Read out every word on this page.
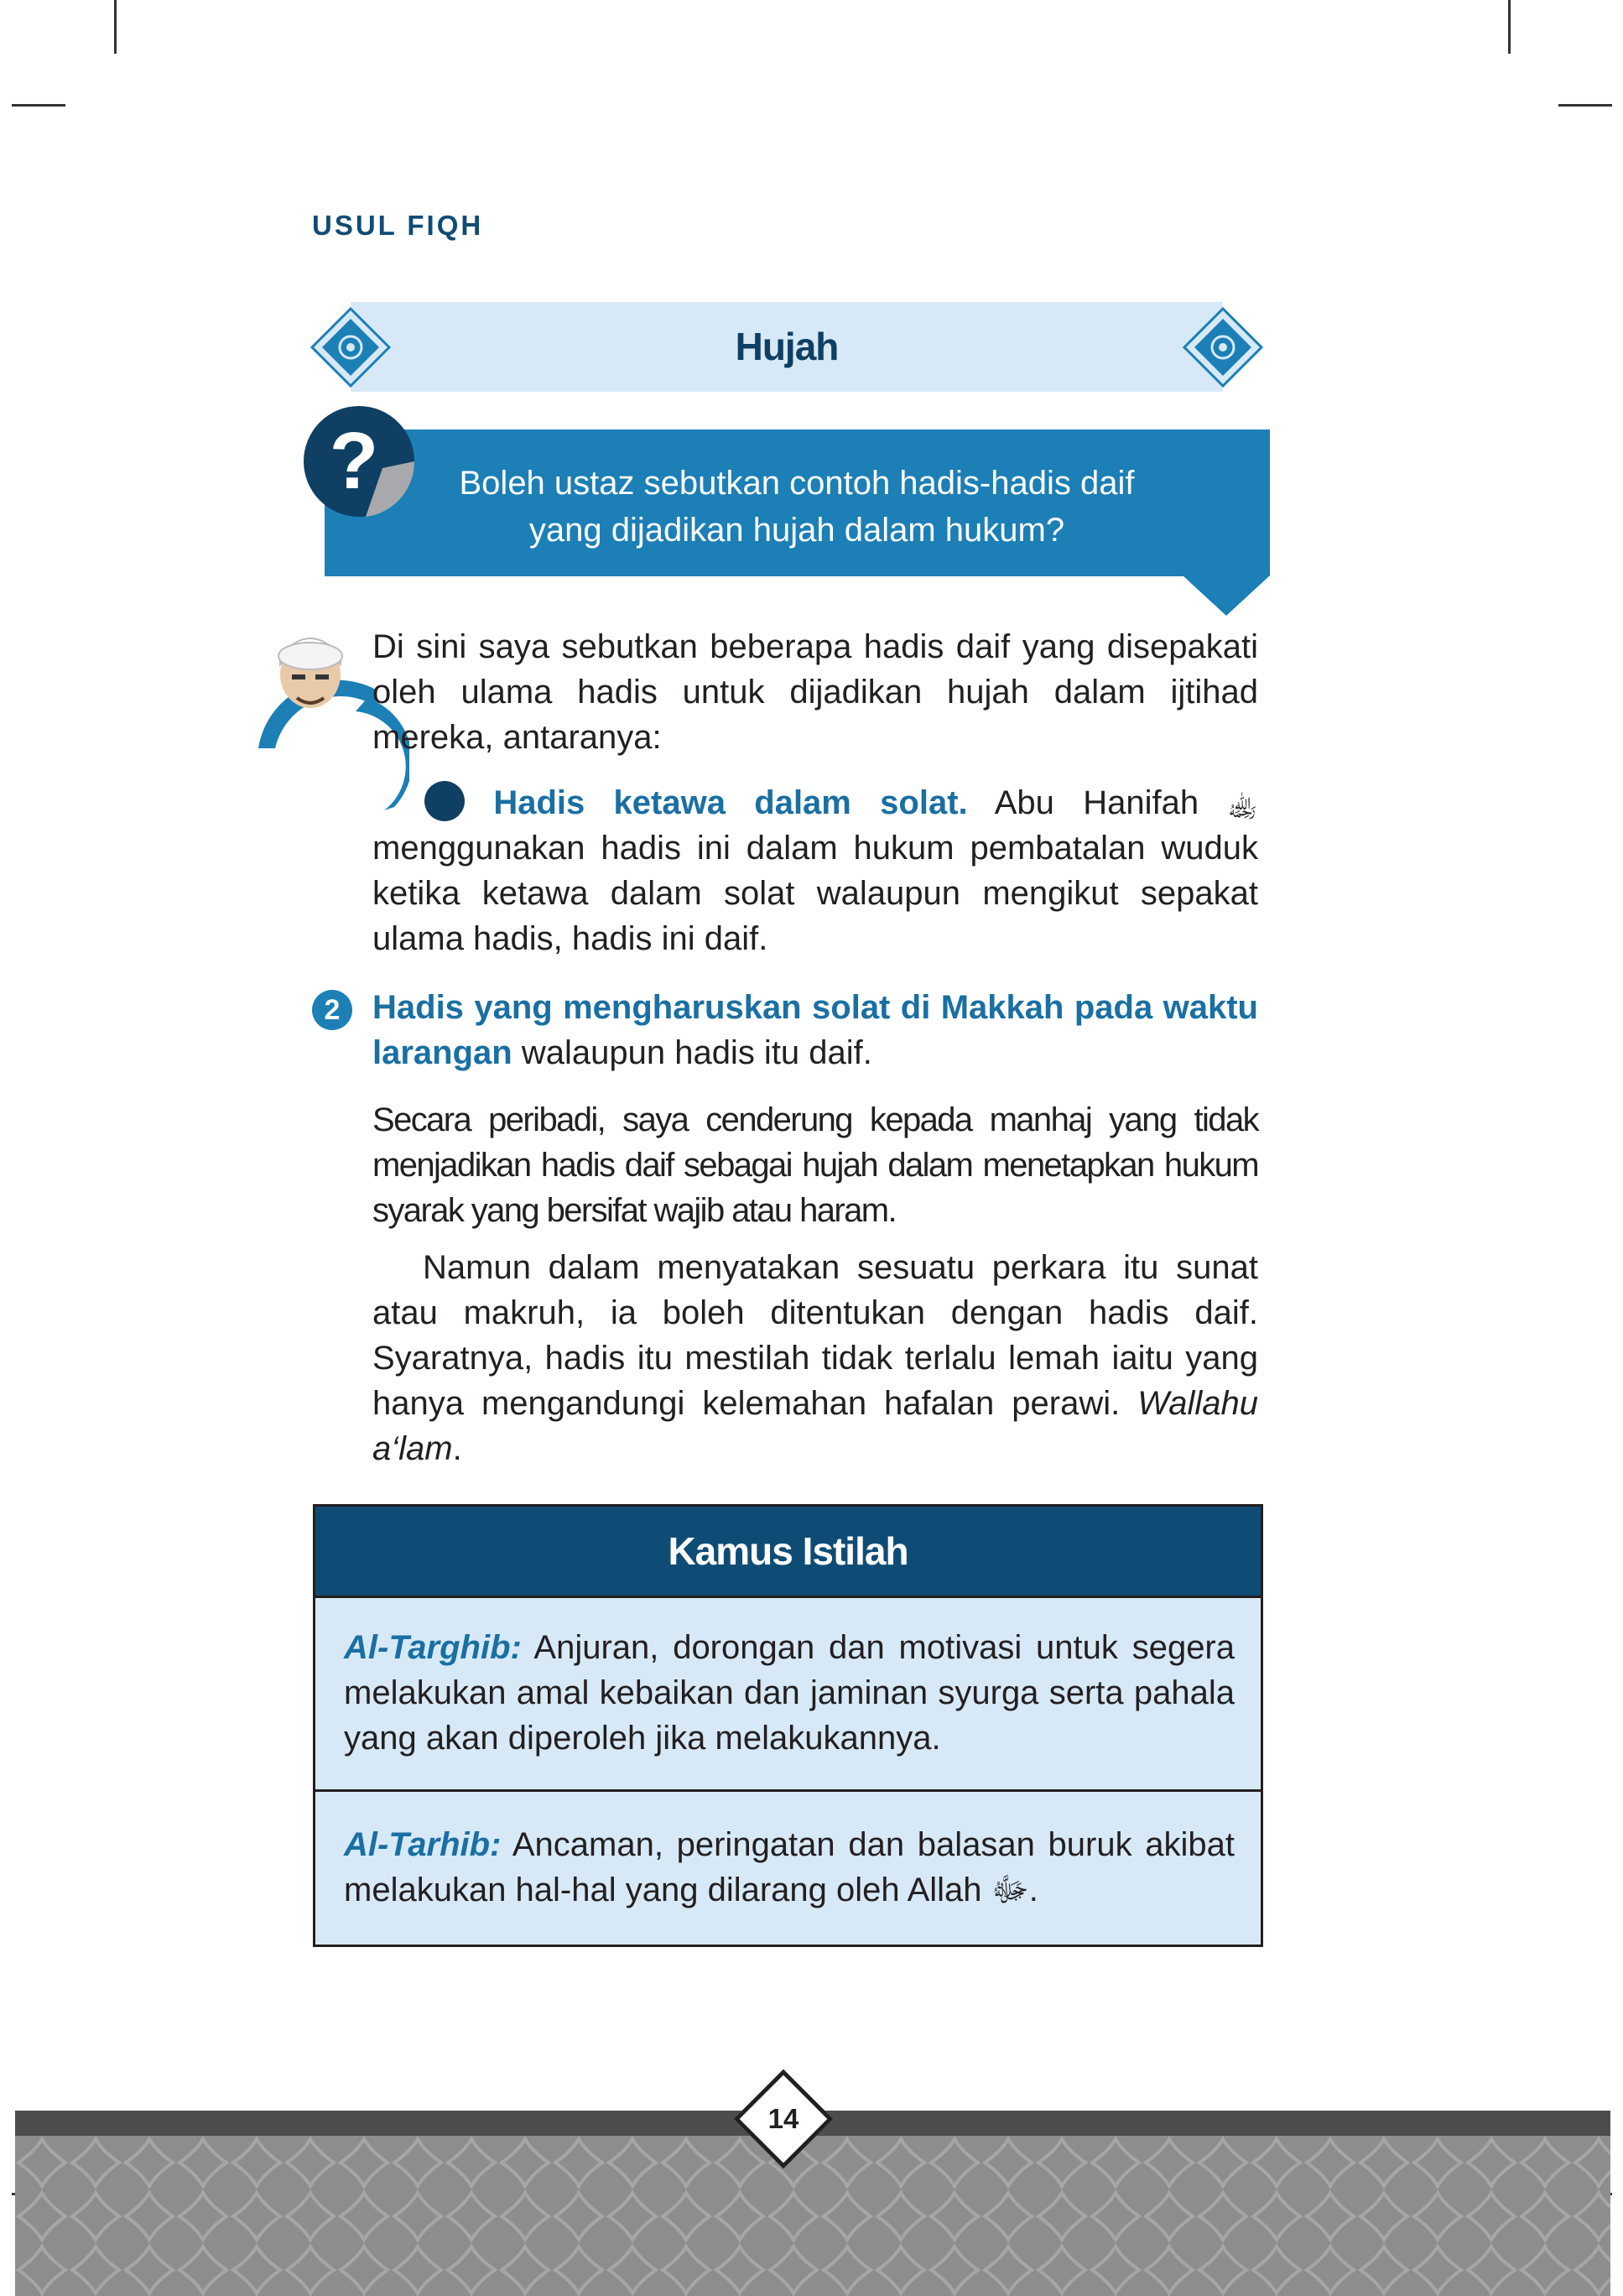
USUL FIQH
Hujah
?	Boleh ustaz sebutkan contoh hadis-hadis daif yang dijadikan hujah dalam hukum?
Di sini saya sebutkan beberapa hadis daif yang disepakati oleh ulama hadis untuk dijadikan hujah dalam ijtihad mereka, antaranya:
1 Hadis ketawa dalam solat. Abu Hanifah ﵀ menggunakan hadis ini dalam hukum pembatalan wuduk ketika ketawa dalam solat walaupun mengikut sepakat ulama hadis, hadis ini daif.
2 Hadis yang mengharuskan solat di Makkah pada waktu larangan walaupun hadis itu daif.
Secara peribadi, saya cenderung kepada manhaj yang tidak menjadikan hadis daif sebagai hujah dalam menetapkan hukum syarak yang bersifat wajib atau haram.
Namun dalam menyatakan sesuatu perkara itu sunat atau makruh, ia boleh ditentukan dengan hadis daif. Syaratnya, hadis itu mestilah tidak terlalu lemah iaitu yang hanya mengandungi kelemahan hafalan perawi. Wallahu a‘lam.
Kamus Istilah
Al-Targhib: Anjuran, dorongan dan motivasi untuk segera melakukan amal kebaikan dan jaminan syurga serta pahala yang akan diperoleh jika melakukannya.
Al-Tarhib: Ancaman, peringatan dan balasan buruk akibat melakukan hal-hal yang dilarang oleh Allah ﷻ.
14
